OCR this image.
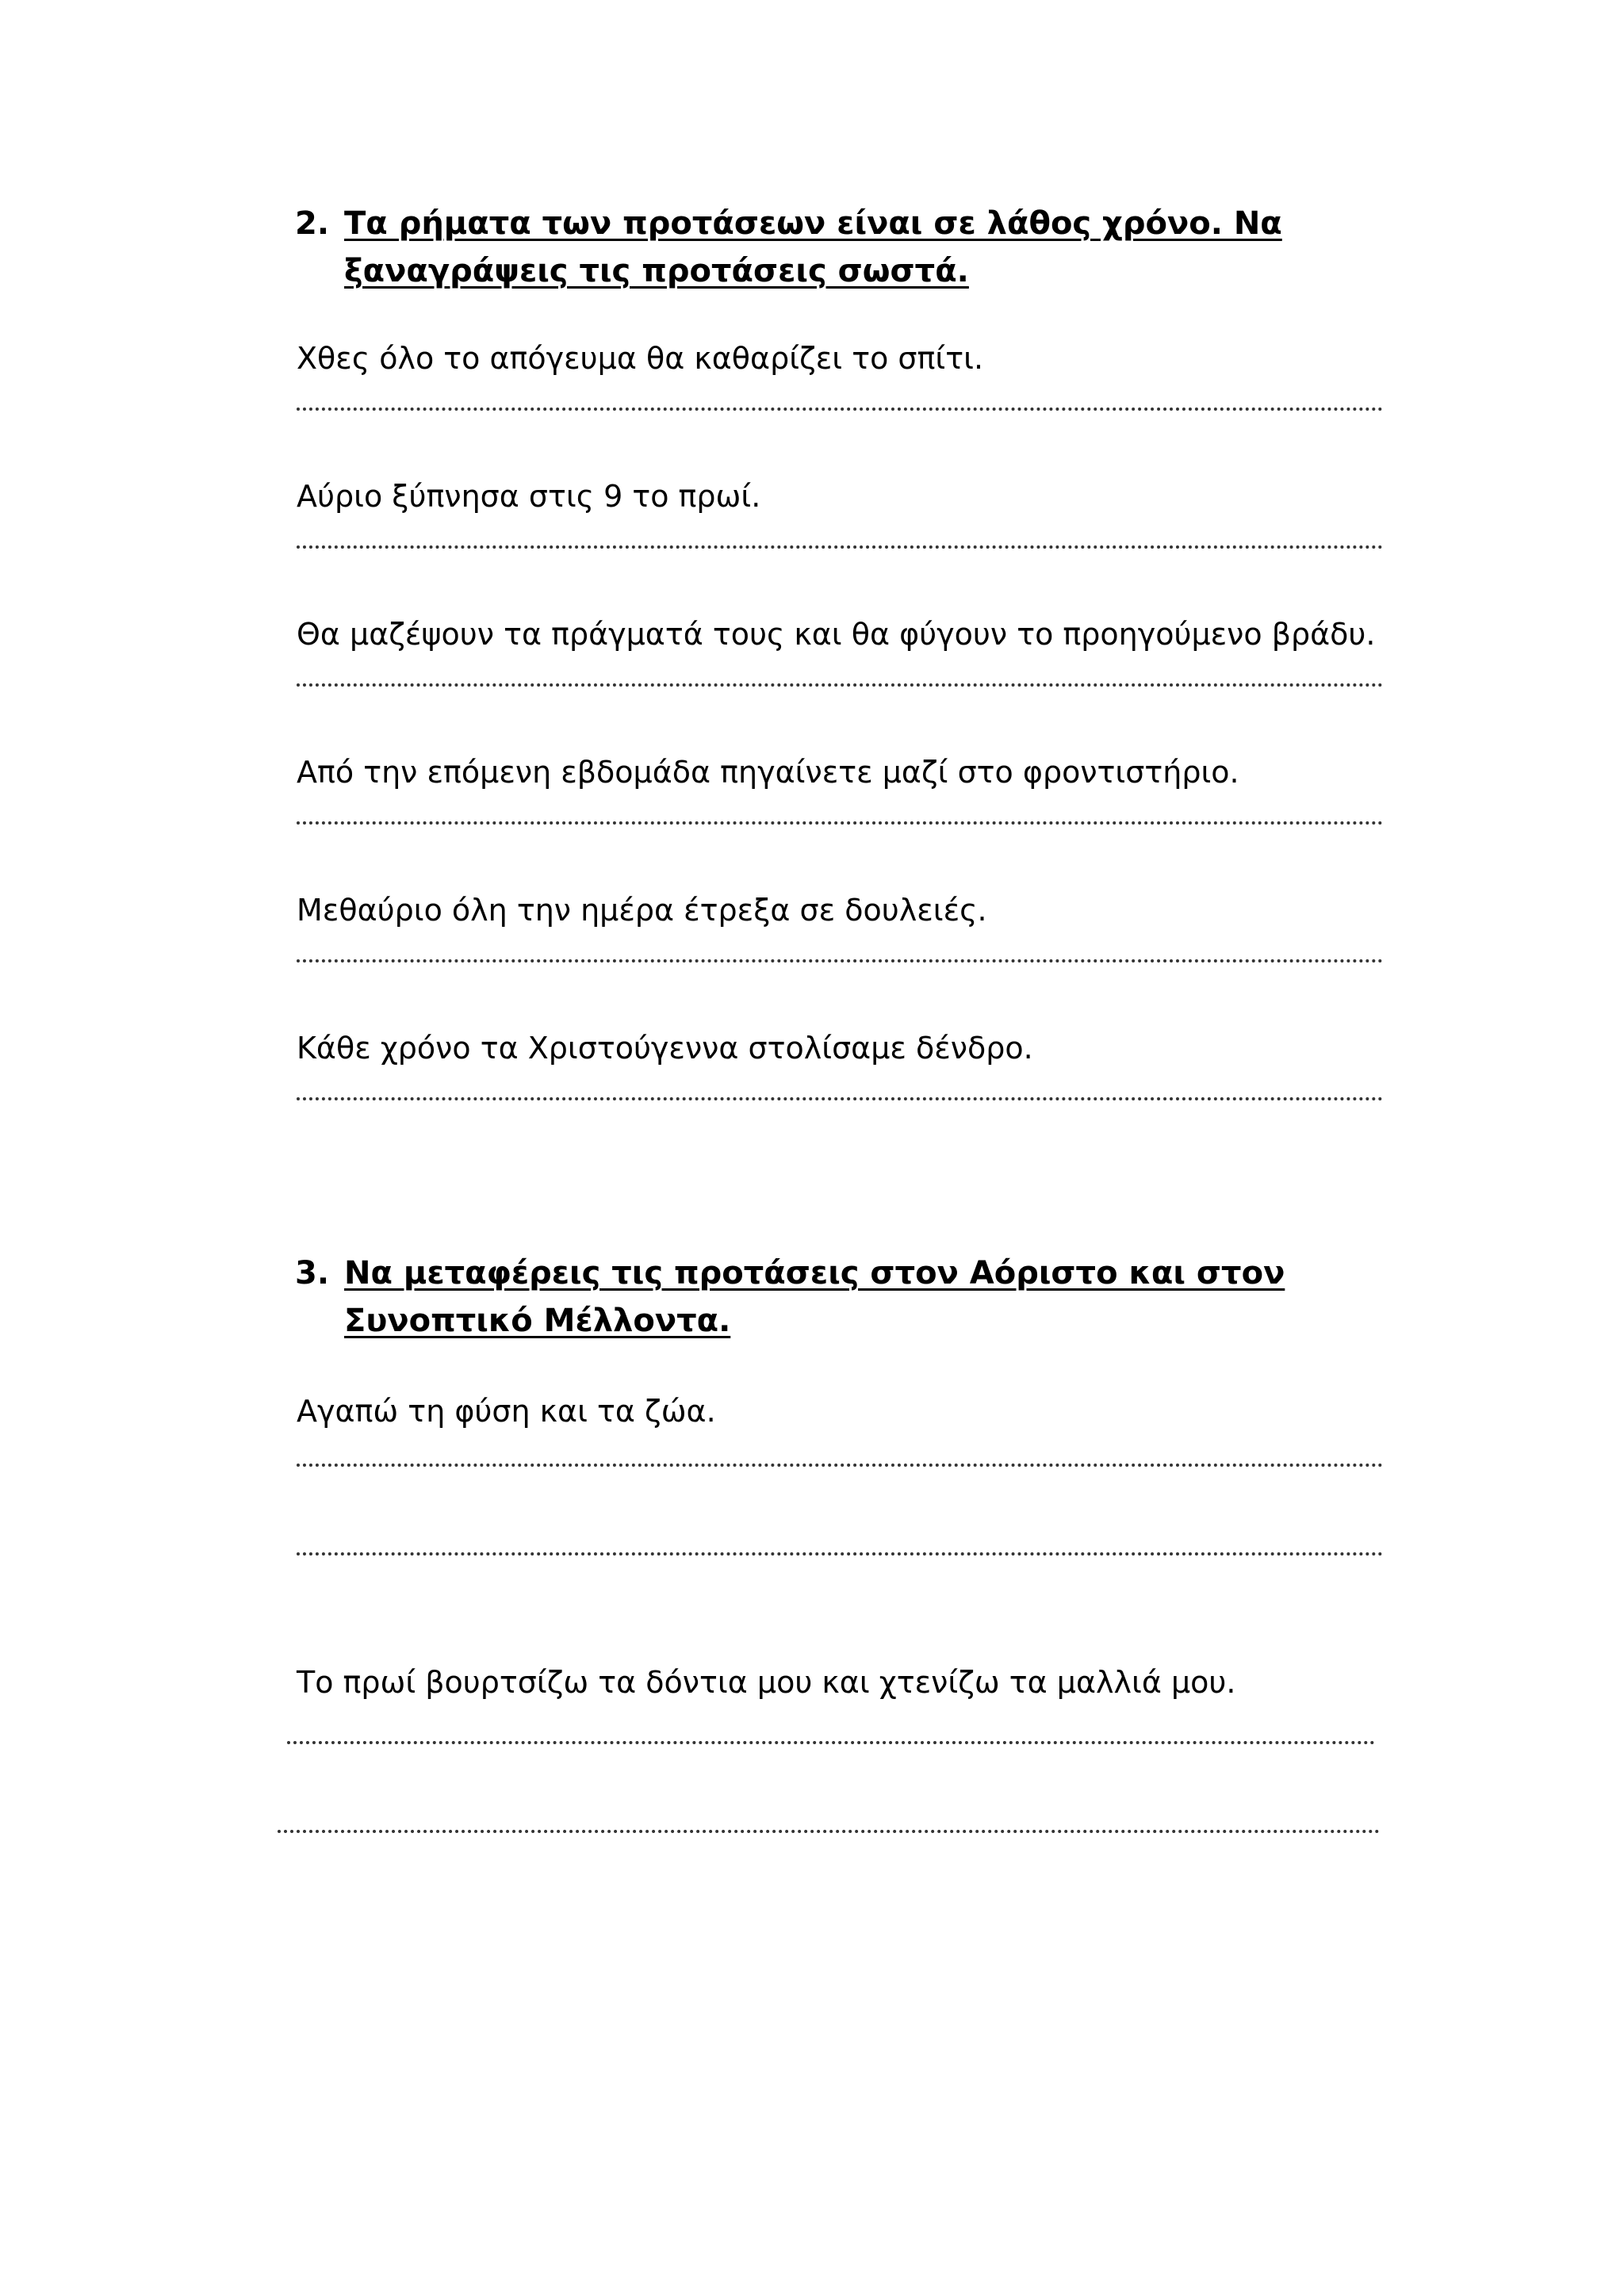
2. Τα ρήματα των προτάσεων είναι σε λάθος χρόνο. Να ξαναγράψεις τις προτάσεις σωστά.
Χθες όλο το απόγευμα θα καθαρίζει το σπίτι.
Αύριο ξύπνησα στις 9 το πρωί.
Θα μαζέψουν τα πράγματά τους και θα φύγουν το προηγούμενο βράδυ.
Από την επόμενη εβδομάδα πηγαίνετε μαζί στο φροντιστήριο.
Μεθαύριο όλη την ημέρα έτρεξα σε δουλειές.
Κάθε χρόνο τα Χριστούγεννα στολίσαμε δένδρο.
3. Να μεταφέρεις τις προτάσεις στον Αόριστο και στον Συνοπτικό Μέλλοντα.
Αγαπώ τη φύση και τα ζώα.
Το πρωί βουρτσίζω τα δόντια μου και χτενίζω τα μαλλιά μου.
